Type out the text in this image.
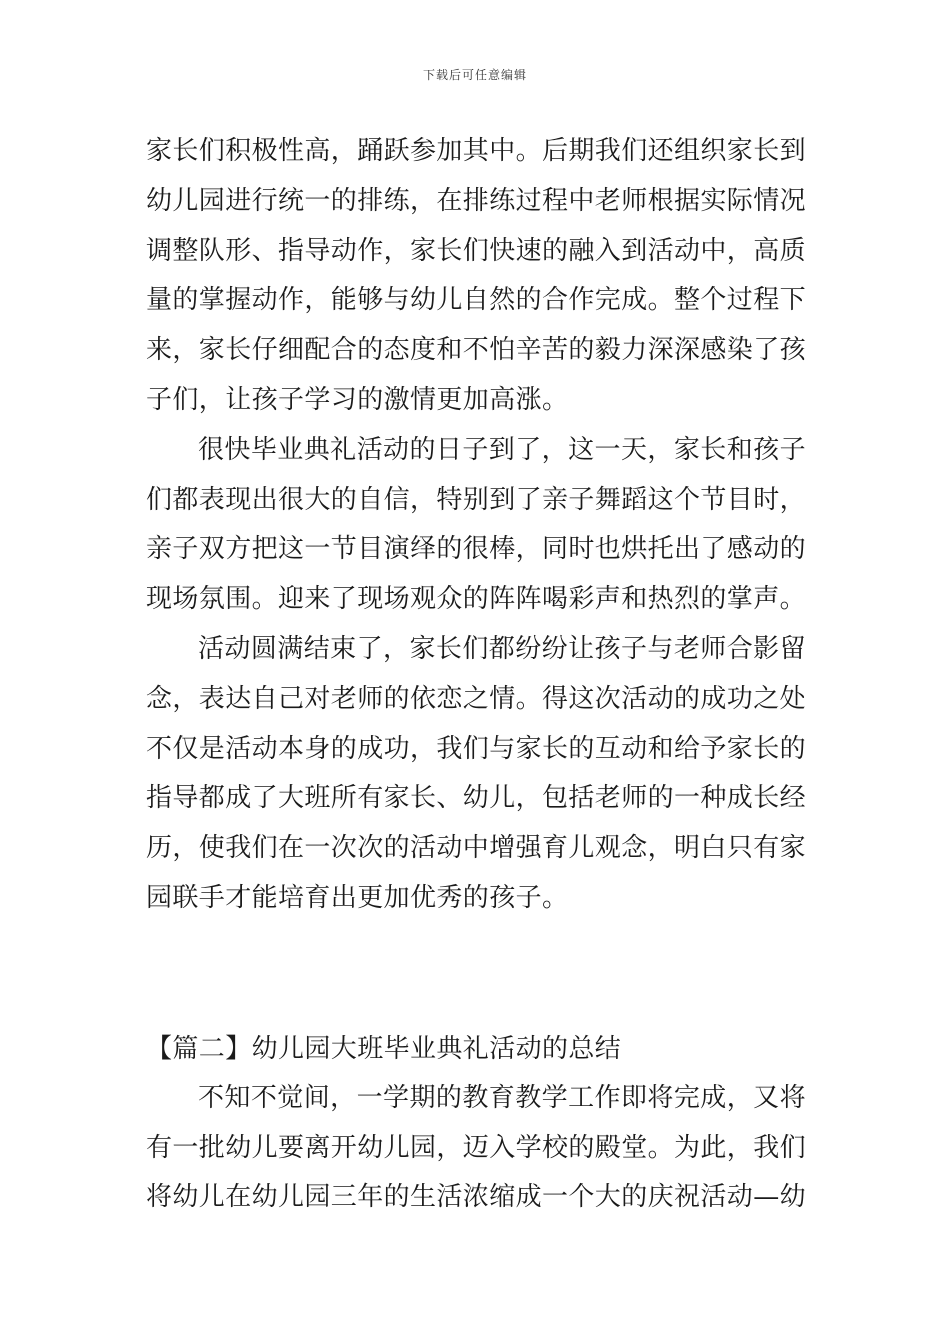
下载后可任意编辑

家长们积极性高，踊跃参加其中。后期我们还组织家长到幼儿园进行统一的排练，在排练过程中老师根据实际情况调整队形、指导动作，家长们快速的融入到活动中，高质量的掌握动作，能够与幼儿自然的合作完成。整个过程下来，家长仔细配合的态度和不怕辛苦的毅力深深感染了孩子们，让孩子学习的激情更加高涨。

很快毕业典礼活动的日子到了，这一天，家长和孩子们都表现出很大的自信，特别到了亲子舞蹈这个节目时，亲子双方把这一节目演绎的很棒，同时也烘托出了感动的现场氛围。迎来了现场观众的阵阵喝彩声和热烈的掌声。

活动圆满结束了，家长们都纷纷让孩子与老师合影留念，表达自己对老师的依恋之情。得这次活动的成功之处不仅是活动本身的成功，我们与家长的互动和给予家长的指导都成了大班所有家长、幼儿，包括老师的一种成长经历，使我们在一次次的活动中增强育儿观念，明白只有家园联手才能培育出更加优秀的孩子。

【篇二】幼儿园大班毕业典礼活动的总结

不知不觉间，一学期的教育教学工作即将完成，又将有一批幼儿要离开幼儿园，迈入学校的殿堂。为此，我们将幼儿在幼儿园三年的生活浓缩成一个大的庆祝活动—幼
